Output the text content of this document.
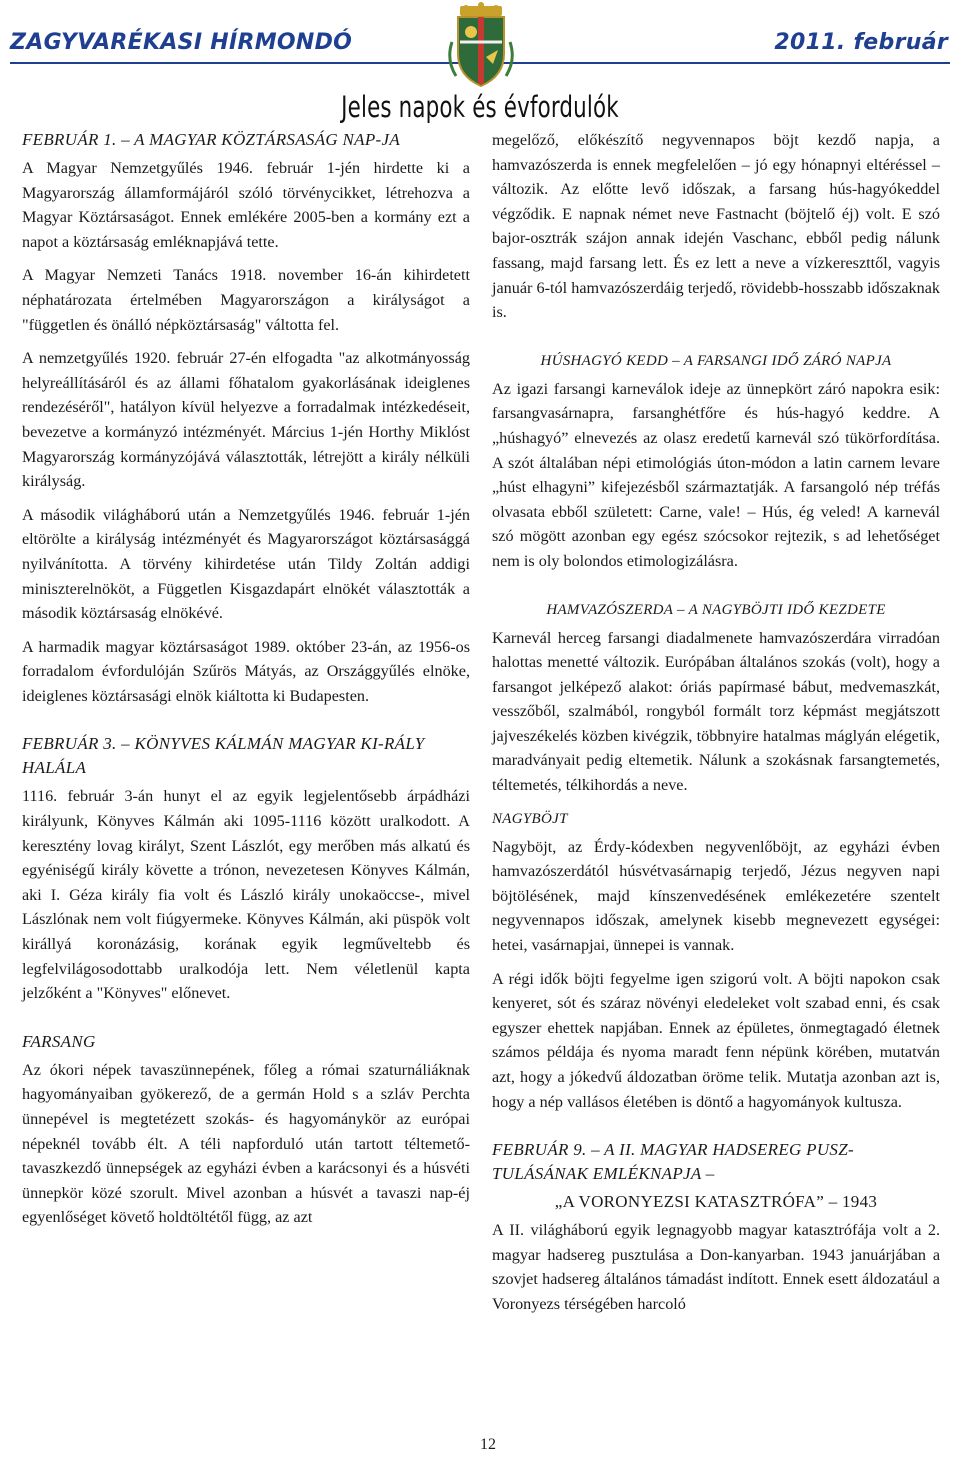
ZAGYVARÉKASI HÍRMONDÓ	2011. február
Jeles napok és évfordulók
FEBRUÁR 1. – A MAGYAR KÖZTÁRSASÁG NAP-JA

A Magyar Nemzetgyűlés 1946. február 1-jén hirdette ki a Magyarország államformájáról szóló törvénycikket, létrehozva a Magyar Köztársaságot. Ennek emlékére 2005-ben a kormány ezt a napot a köztársaság emléknapjává tette.

A Magyar Nemzeti Tanács 1918. november 16-án kihirdetett néphatározata értelmében Magyarországon a királyságot a "független és önálló népköztársaság" váltotta fel.

A nemzetgyűlés 1920. február 27-én elfogadta "az alkotmányosság helyreállításáról és az állami főhatalom gyakorlásának ideiglenes rendezéséről", hatályon kívül helyezve a forradalmak intézkedéseit, bevezetve a kormányzó intézményét. Március 1-jén Horthy Miklóst Magyarország kormányzójává választották, létrejött a király nélküli királyság.

A második világháború után a Nemzetgyűlés 1946. február 1-jén eltörölte a királyság intézményét és Magyarországot köztársasággá nyilvánította. A törvény kihirdetése után Tildy Zoltán addigi miniszterelnököt, a Független Kisgazdapárt elnökét választották a második köztársaság elnökévé.

A harmadik magyar köztársaságot 1989. október 23-án, az 1956-os forradalom évfordulóján Szűrös Mátyás, az Országgyűlés elnöke, ideiglenes köztársasági elnök kiáltotta ki Budapesten.

FEBRUÁR 3. – KÖNYVES KÁLMÁN MAGYAR KI-RÁLY HALÁLA

1116. február 3-án hunyt el az egyik legjelentősebb árpádházi királyunk, Könyves Kálmán aki 1095-1116 között uralkodott. A keresztény lovag királyt, Szent Lászlót, egy merőben más alkatú és egyéniségű király követte a trónon, nevezetesen Könyves Kálmán, aki I. Géza király fia volt és László király unokaöccse-, mivel Lászlónak nem volt fiúgyermeke. Könyves Kálmán, aki püspök volt királlyá koronázásig, korának egyik legműveltebb és legfelvilágosodottabb uralkodója lett. Nem véletlenül kapta jelzőként a "Könyves" előnevet.

FARSANG

Az ókori népek tavaszünnepének, főleg a római szaturnáliáknak hagyományaiban gyökerező, de a germán Hold s a szláv Perchta ünnepével is megtetézett szokás- és hagyománykör az európai népeknél tovább élt. A téli napforduló után tartott téltemető-tavaszkezdő ünnepségek az egyházi évben a karácsonyi és a húsvéti ünnepkör közé szorult. Mivel azonban a húsvét a tavaszi nap-éj egyenlőséget követő holdtöltétől függ, az azt

megelőző, előkészítő negyvennapos böjt kezdő napja, a hamvazószerda is ennek megfelelően – jó egy hónapnyi eltéréssel – változik. Az előtte levő időszak, a farsang hús-hagyókeddel végződik. E napnak német neve Fastnacht (böjtelő éj) volt. E szó bajor-osztrák szájon annak idején Vaschanc, ebből pedig nálunk fassang, majd farsang lett. És ez lett a neve a vízkereszttől, vagyis január 6-tól hamvazószerdáig terjedő, rövidebb-hosszabb időszaknak is.

HÚSHAGYÓ KEDD – A FARSANGI IDŐ ZÁRÓ NAPJA

Az igazi farsangi karneválok ideje az ünnepkört záró napokra esik: farsangvasárnapra, farsanghétfőre és hús-hagyó keddre. A „húshagyó” elnevezés az olasz eredetű karnevál szó tükörfordítása. A szót általában népi etimológiás úton-módon a latin carnem levare „húst elhagyni” kifejezésből származtatják. A farsangoló nép tréfás olvasata ebből született: Carne, vale! – Hús, ég veled! A karnevál szó mögött azonban egy egész szócsokor rejtezik, s ad lehetőséget nem is oly bolondos etimologizálásra.

HAMVAZÓSZERDA – A NAGYBÖJTI IDŐ KEZDETE

Karnevál herceg farsangi diadalmenete hamvazószerdára virradóan halottas menetté változik. Európában általános szokás (volt), hogy a farsangot jelképező alakot: óriás papírmasé bábut, medvemaszkát, vesszőből, szalmából, rongyból formált torz képmást megjátszott jajveszékelés közben kivégzik, többnyire hatalmas máglyán elégetik, maradványait pedig eltemetik. Nálunk a szokásnak farsangtemetés, téltemetés, télkihordás a neve.

NAGYBÖJT

Nagyböjt, az Érdy-kódexben negyvenlőböjt, az egyházi évben hamvazószerdától húsvétvasárnapig terjedő, Jézus negyven napi böjtölésének, majd kínszenvedésének emlékezetére szentelt negyvennapos időszak, amelynek kisebb megnevezett egységei: hetei, vasárnapjai, ünnepei is vannak.

A régi idők böjti fegyelme igen szigorú volt. A böjti napokon csak kenyeret, sót és száraz növényi eledeleket volt szabad enni, és csak egyszer ehettek napjában. Ennek az épületes, önmegtagadó életnek számos példája és nyoma maradt fenn népünk körében, mutatván azt, hogy a jókedvű áldozatban öröme telik. Mutatja azonban azt is, hogy a nép vallásos életében is döntő a hagyományok kultusza.

FEBRUÁR 9. – A II. MAGYAR HADSEREG PUSZ-TULÁSÁNAK EMLÉKNAPJA –
„A VORONYEZSI KATASZTRÓFA” – 1943

A II. világháború egyik legnagyobb magyar katasztrófája volt a 2. magyar hadsereg pusztulása a Don-kanyarban. 1943 januárjában a szovjet hadsereg általános támadást indított. Ennek esett áldozatául a Voronyezs térségében harcoló

12
